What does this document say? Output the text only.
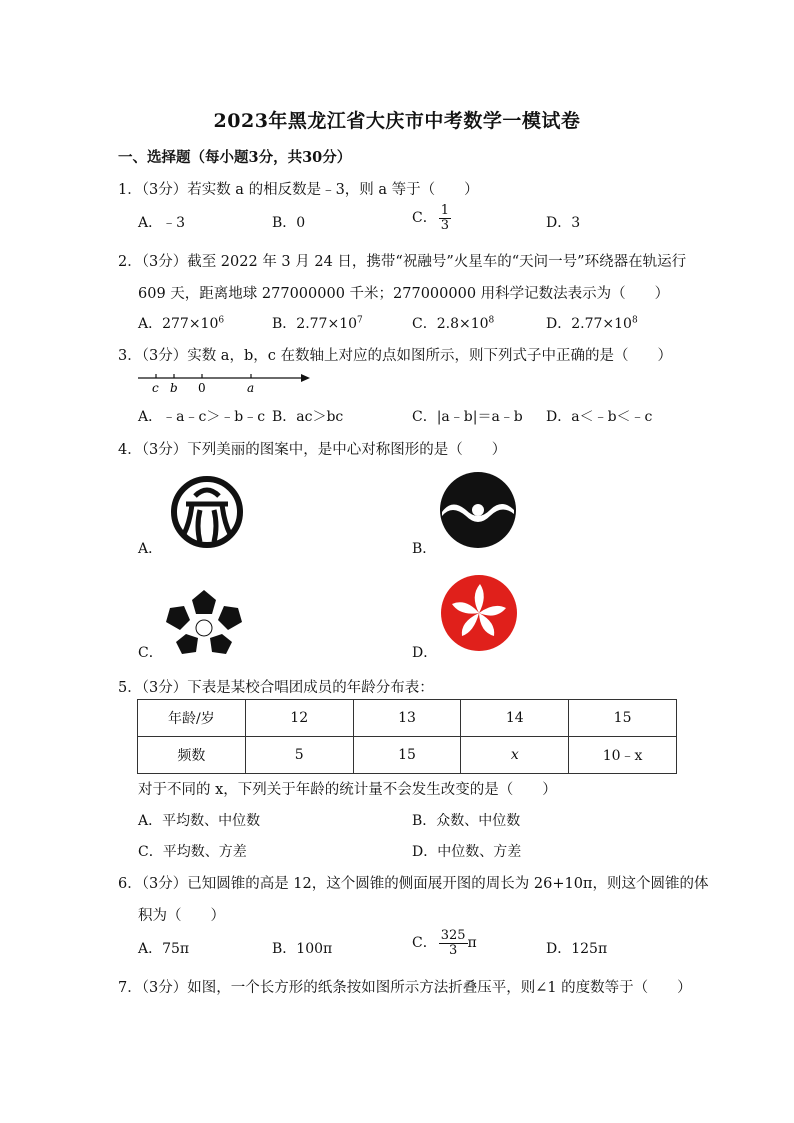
2023年黑龙江省大庆市中考数学一模试卷
一、选择题（每小题3分，共30分）
1．（3分）若实数 a 的相反数是﹣3，则 a 等于（　　）
A．﹣3	B．0	C． $\frac{1}{3}$	D．3
2．（3分）截至 2022 年 3 月 24 日，携带“祝融号”火星车的“天问一号”环绕器在轨运行
609 天，距离地球 277000000 千米；277000000 用科学记数法表示为（　　）
A．$277\times 10^6$	B．$2.77\times 10^7$	C．$2.8\times 10^8$	D．$2.77\times 10^8$
3．（3分）实数 a，b，c 在数轴上对应的点如图所示，则下列式子中正确的是（　　）
c b 0	a
A．﹣a﹣c＞﹣b﹣c B．ac＞bc	C．|a﹣b|＝a﹣b D．a＜﹣b＜﹣c
4．（3分）下列美丽的图案中，是中心对称图形的是（　　）
A．	B．
C．	D．
5．（3分）下表是某校合唱团成员的年龄分布表：
年龄/岁	12	13	14	15
频数	5	15	x	10﹣x
对于不同的 x，下列关于年龄的统计量不会发生改变的是（　　）
A．平均数、中位数	B．众数、中位数
C．平均数、方差	D．中位数、方差
6．（3分）已知圆锥的高是 12，这个圆锥的侧面展开图的周长为 26+10π，则这个圆锥的体
积为（　　）
A．75π	B．100π	C． $\frac{325}{3}$ π	D．125π
7．（3分）如图，一个长方形的纸条按如图所示方法折叠压平，则∠1 的度数等于（　　）
